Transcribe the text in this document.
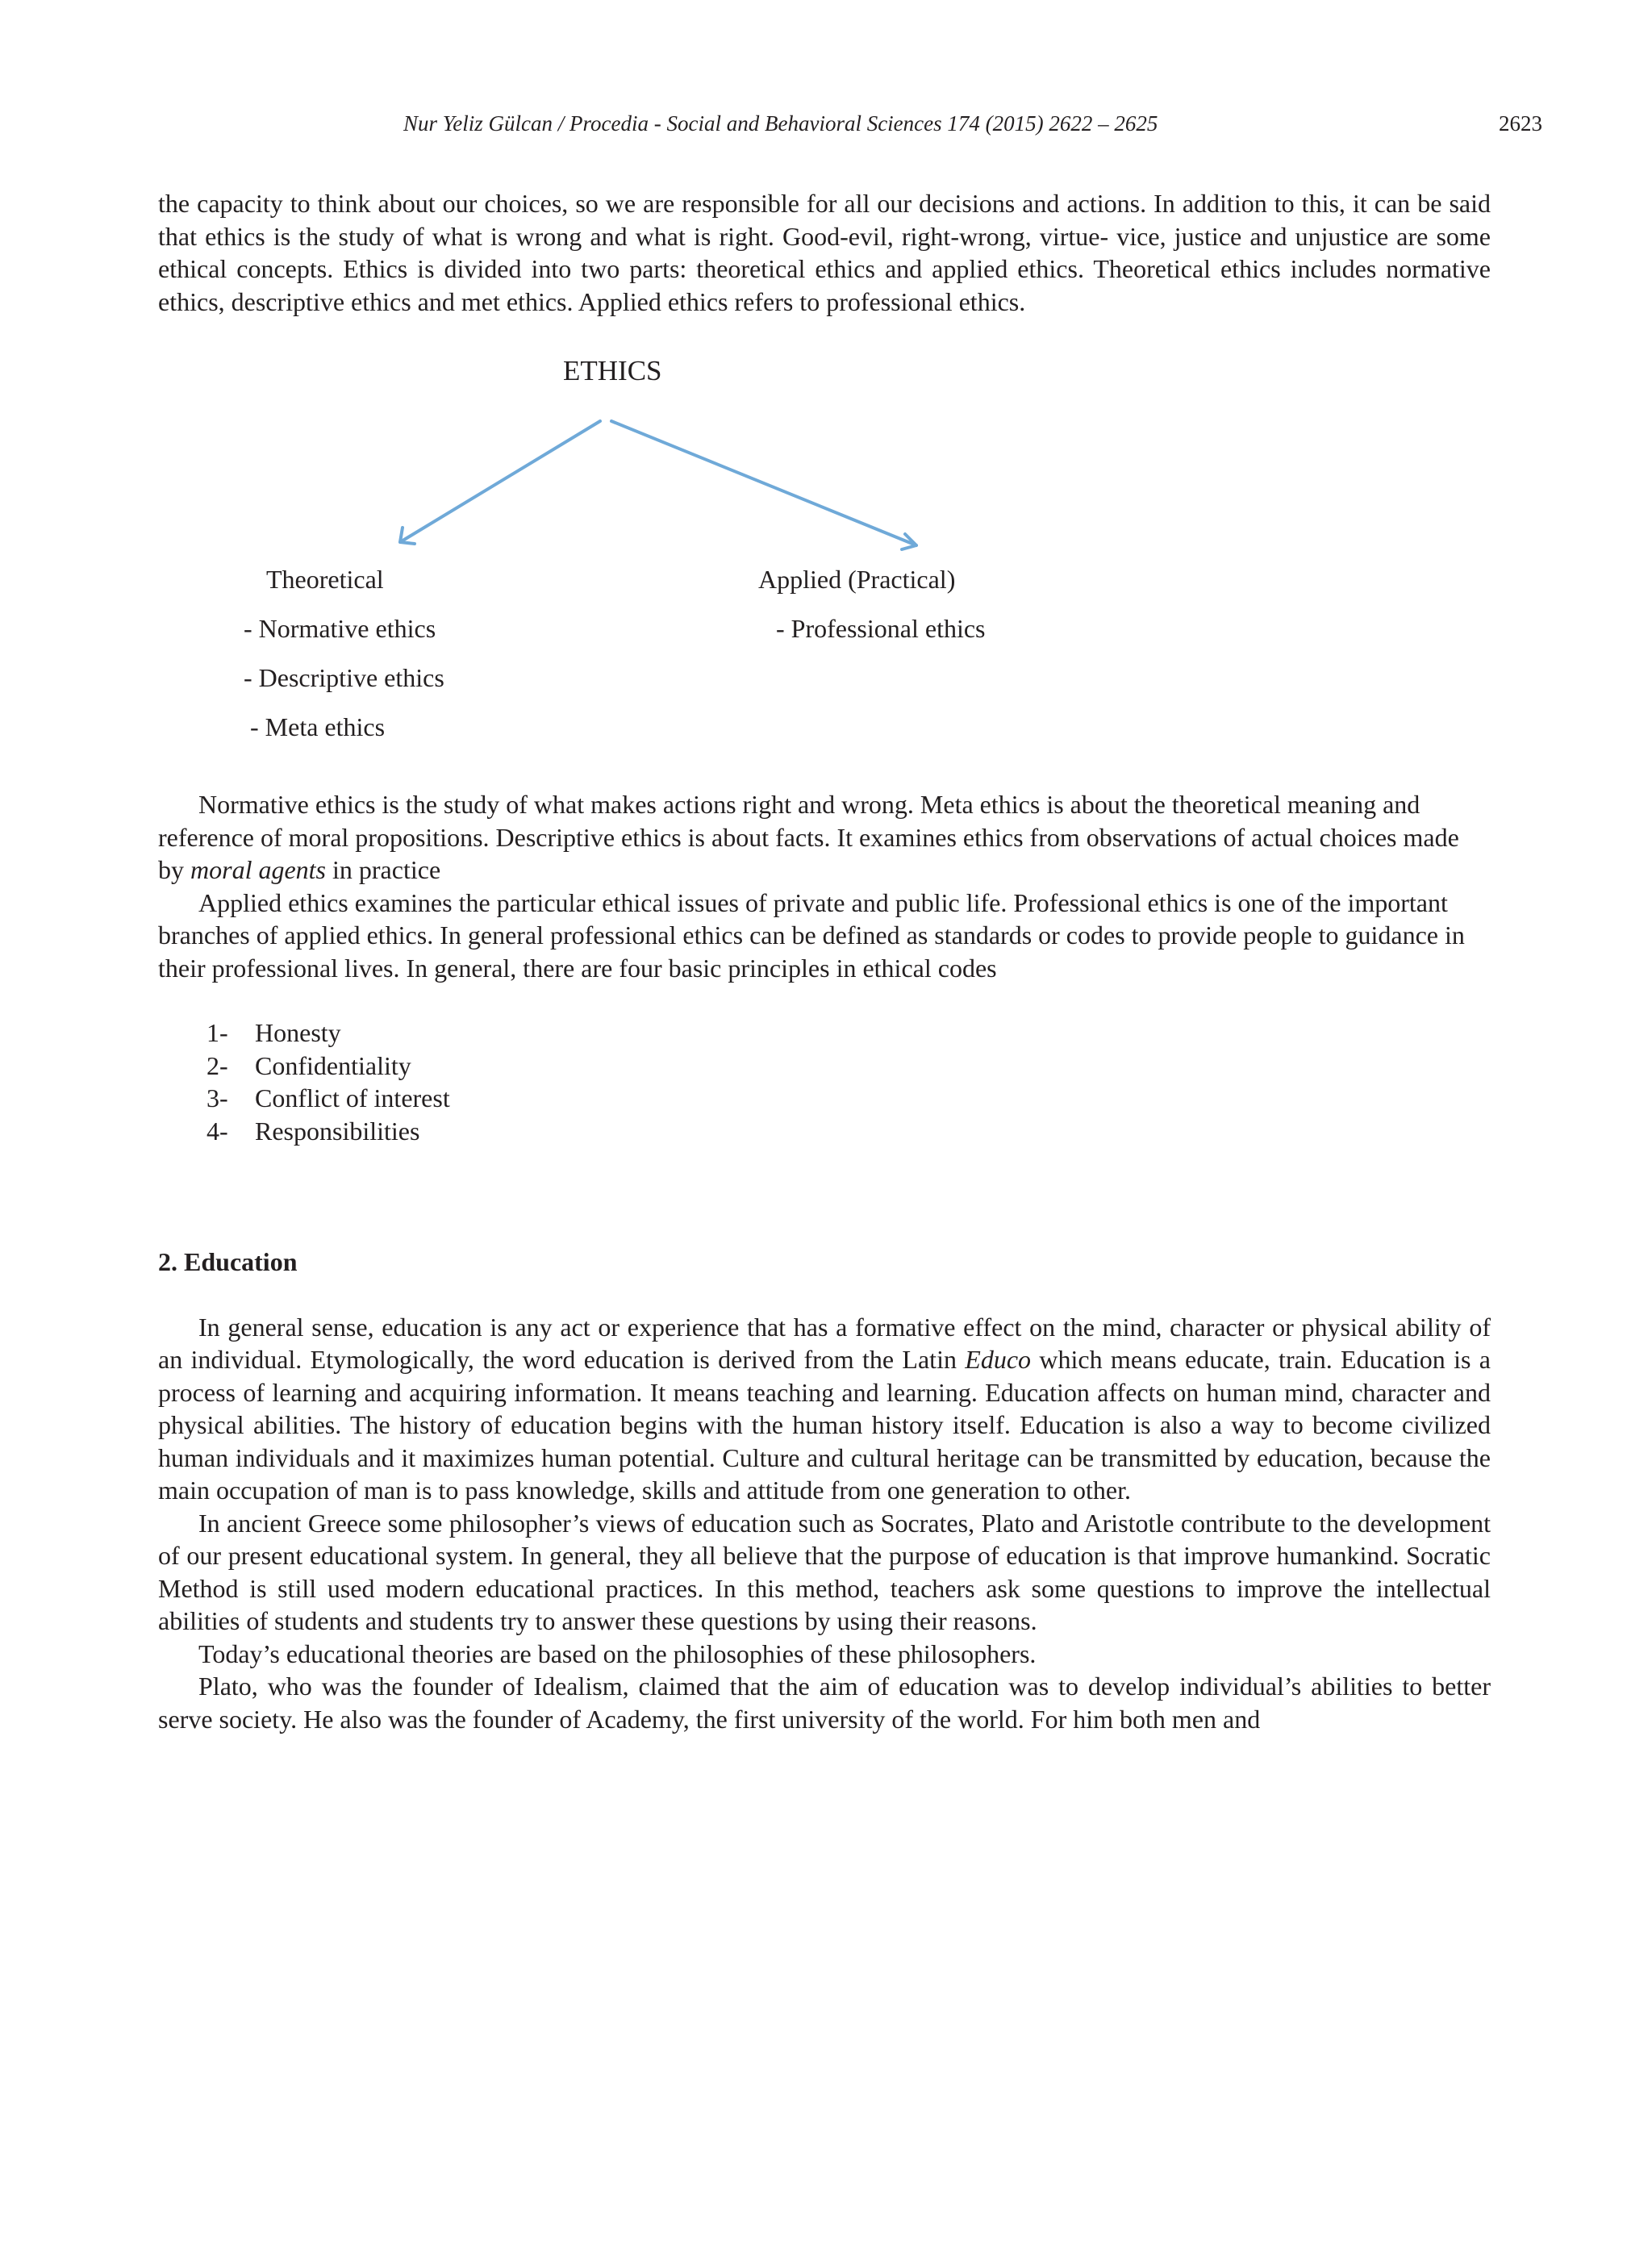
Nur Yeliz Gülcan / Procedia - Social and Behavioral Sciences 174 (2015) 2622 – 2625	2623

the capacity to think about our choices, so we are responsible for all our decisions and actions. In addition to this, it can be said that ethics is the study of what is wrong and what is right. Good-evil, right-wrong, virtue- vice, justice and unjustice are some ethical concepts. Ethics is divided into two parts: theoretical ethics and applied ethics. Theoretical ethics includes normative ethics, descriptive ethics and met ethics. Applied ethics refers to professional ethics.

ETHICS
Theoretical
- Normative ethics
- Descriptive ethics
- Meta ethics
Applied (Practical)
- Professional ethics

Normative ethics is the study of what makes actions right and wrong. Meta ethics is about the theoretical meaning and reference of moral propositions. Descriptive ethics is about facts. It examines ethics from observations of actual choices made by moral agents in practice

Applied ethics examines the particular ethical issues of private and public life. Professional ethics is one of the important branches of applied ethics. In general professional ethics can be defined as standards or codes to provide people to guidance in their professional lives. In general, there are four basic principles in ethical codes

1-	Honesty
2-	Confidentiality
3-	Conflict of interest
4-	Responsibilities
2. Education

In general sense, education is any act or experience that has a formative effect on the mind, character or physical ability of an individual. Etymologically, the word education is derived from the Latin Educo which means educate, train. Education is a process of learning and acquiring information. It means teaching and learning. Education affects on human mind, character and physical abilities. The history of education begins with the human history itself. Education is also a way to become civilized human individuals and it maximizes human potential. Culture and cultural heritage can be transmitted by education, because the main occupation of man is to pass knowledge, skills and attitude from one generation to other.

In ancient Greece some philosopher’s views of education such as Socrates, Plato and Aristotle contribute to the development of our present educational system. In general, they all believe that the purpose of education is that improve humankind. Socratic Method is still used modern educational practices. In this method, teachers ask some questions to improve the intellectual abilities of students and students try to answer these questions by using their reasons.

Today’s educational theories are based on the philosophies of these philosophers.

Plato, who was the founder of Idealism, claimed that the aim of education was to develop individual’s abilities to better serve society. He also was the founder of Academy, the first university of the world. For him both men and
